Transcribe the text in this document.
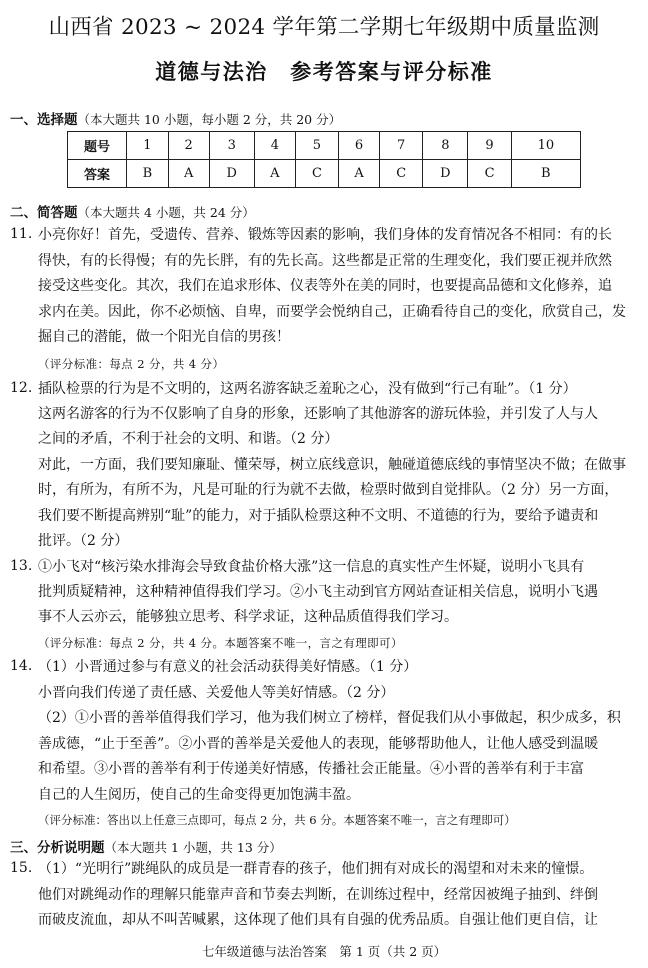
山西省 2023 ~ 2024 学年第二学期七年级期中质量监测
道德与法治　参考答案与评分标准
一、选择题（本大题共 10 小题，每小题 2 分，共 20 分）
题号	1	2	3	4	5	6	7	8	9	10
答案	B	A	D	A	C	A	C	D	C	B
二、简答题（本大题共 4 小题，共 24 分）
11. 小亮你好！首先，受遗传、营养、锻炼等因素的影响，我们身体的发育情况各不相同：有的长
得快，有的长得慢；有的先长胖，有的先长高。这些都是正常的生理变化，我们要正视并欣然
接受这些变化。其次，我们在追求形体、仪表等外在美的同时，也要提高品德和文化修养，追
求内在美。因此，你不必烦恼、自卑，而要学会悦纳自己，正确看待自己的变化，欣赏自己，发
掘自己的潜能，做一个阳光自信的男孩！
（评分标准：每点 2 分，共 4 分）
12. 插队检票的行为是不文明的，这两名游客缺乏羞恥之心，没有做到“行己有耻”。（1 分）
这两名游客的行为不仅影响了自身的形象，还影响了其他游客的游玩体验，并引发了人与人
之间的矛盾，不利于社会的文明、和谐。（2 分）
对此，一方面，我们要知廉耻、懂荣辱，树立底线意识，触碰道德底线的事情坚决不做；在做事
时，有所为，有所不为，凡是可耻的行为就不去做，检票时做到自觉排队。（2 分）另一方面，
我们要不断提高辨别“耻”的能力，对于插队检票这种不文明、不道德的行为，要给予谴责和
批评。（2 分）
13. ①小飞对“核污染水排海会导致食盐价格大涨”这一信息的真实性产生怀疑，说明小飞具有
批判质疑精神，这种精神值得我们学习。②小飞主动到官方网站查证相关信息，说明小飞遇
事不人云亦云，能够独立思考、科学求证，这种品质值得我们学习。
（评分标准：每点 2 分，共 4 分。本题答案不唯一，言之有理即可）
14. （1）小晋通过参与有意义的社会活动获得美好情感。（1 分）
小晋向我们传递了责任感、关爱他人等美好情感。（2 分）
（2）①小晋的善举值得我们学习，他为我们树立了榜样，督促我们从小事做起，积少成多，积
善成德，“止于至善”。②小晋的善举是关爱他人的表现，能够帮助他人，让他人感受到温暖
和希望。③小晋的善举有利于传递美好情感，传播社会正能量。④小晋的善举有利于丰富
自己的人生阅历，使自己的生命变得更加饱满丰盈。
（评分标准：答出以上任意三点即可，每点 2 分，共 6 分。本题答案不唯一，言之有理即可）
三、分析说明题（本大题共 1 小题，共 13 分）
15. （1）“光明行”跳绳队的成员是一群青春的孩子，他们拥有对成长的渴望和对未来的憧憬。
他们对跳绳动作的理解只能靠声音和节奏去判断，在训练过程中，经常因被绳子抽到、绊倒
而破皮流血，却从不叫苦喊累，这体现了他们具有自强的优秀品质。自强让他们更自信，让
七年级道德与法治答案　第 1 页（共 2 页）
